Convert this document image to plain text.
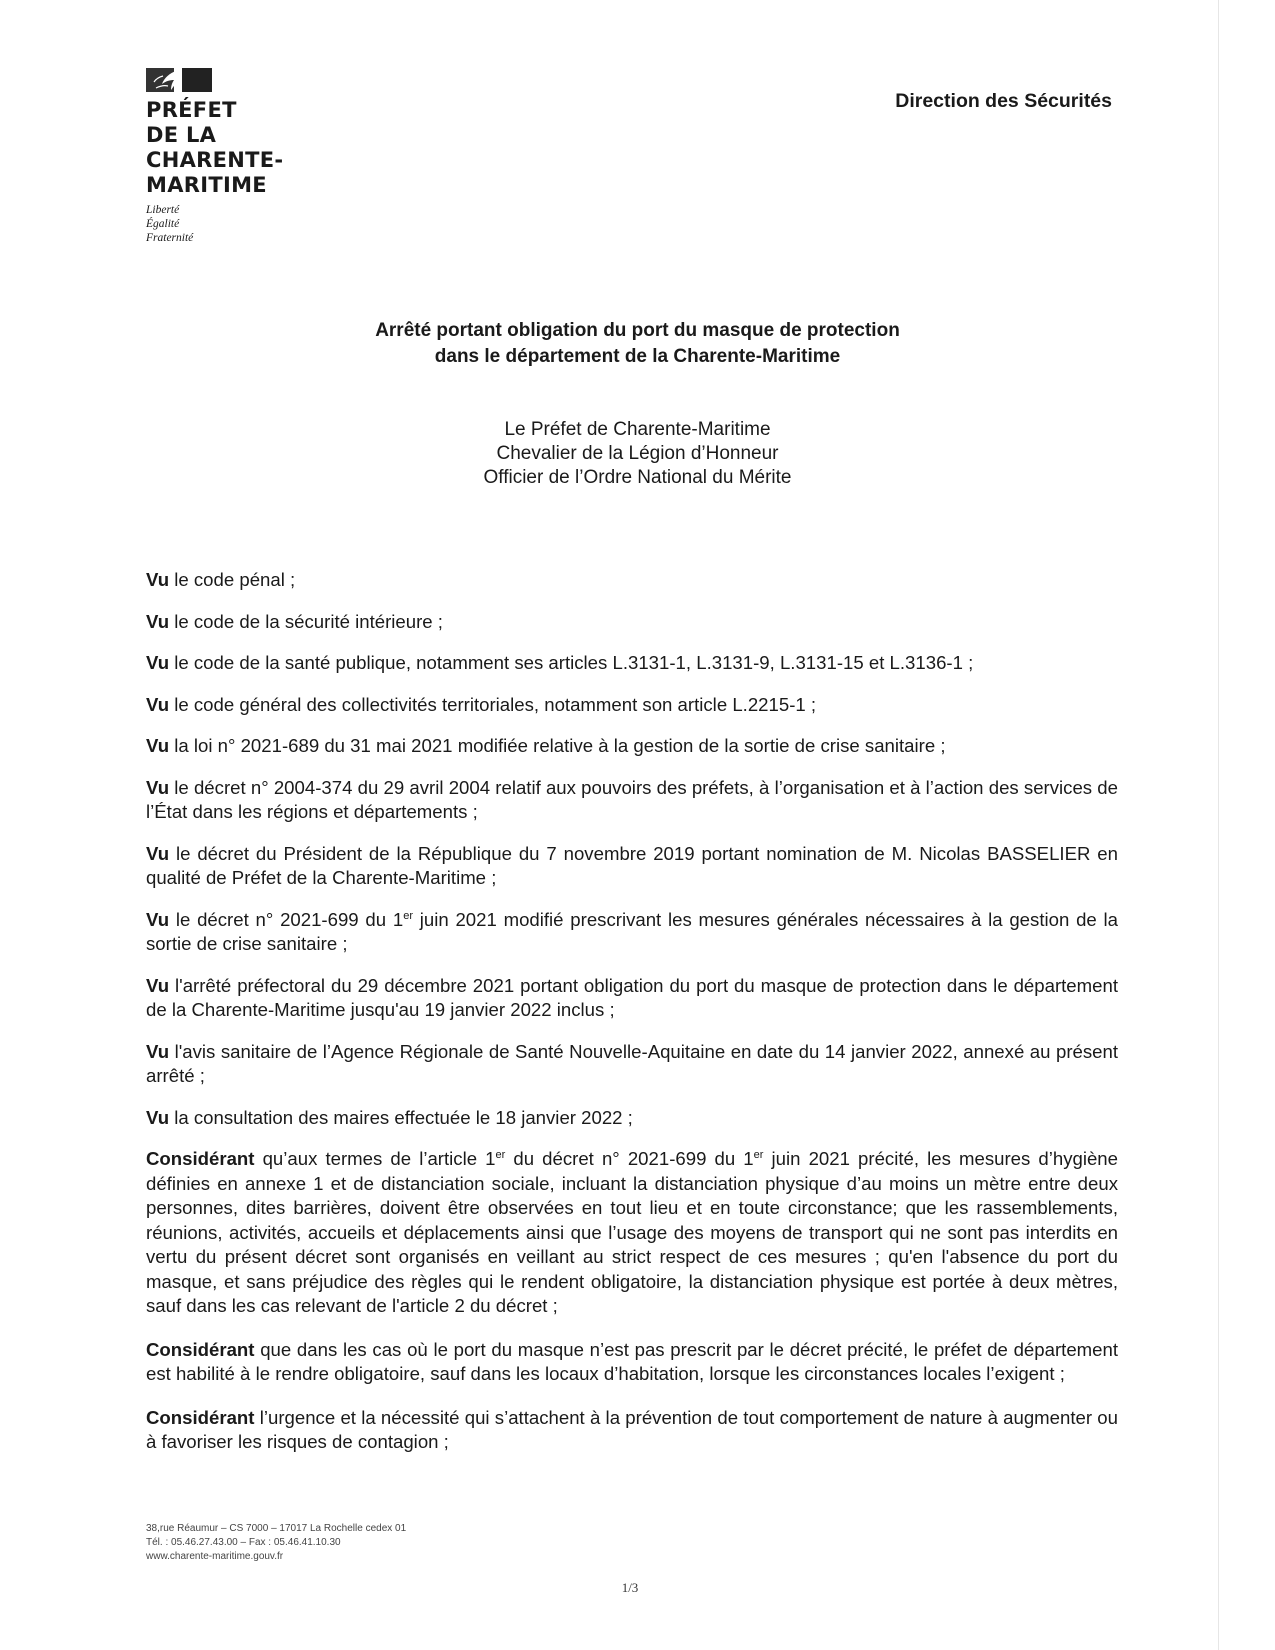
PRÉFET
DE LA
CHARENTE-
MARITIME
Liberté
Égalité
Fraternité
Direction des Sécurités
Arrêté portant obligation du port du masque de protection
dans le département de la Charente-Maritime
Le Préfet de Charente-Maritime
Chevalier de la Légion d’Honneur
Officier de l’Ordre National du Mérite

Vu le code pénal ;

Vu le code de la sécurité intérieure ;

Vu le code de la santé publique, notamment ses articles L.3131-1, L.3131-9, L.3131-15 et L.3136-1 ;

Vu le code général des collectivités territoriales, notamment son article L.2215-1 ;

Vu la loi n° 2021-689 du 31 mai 2021 modifiée relative à la gestion de la sortie de crise sanitaire ;

Vu le décret n° 2004-374 du 29 avril 2004 relatif aux pouvoirs des préfets, à l’organisation et à l’action des services de l’État dans les régions et départements ;

Vu le décret du Président de la République du 7 novembre 2019 portant nomination de M. Nicolas BASSELIER en qualité de Préfet de la Charente-Maritime ;

Vu le décret n° 2021-699 du 1er juin 2021 modifié prescrivant les mesures générales nécessaires à la gestion de la sortie de crise sanitaire ;

Vu l'arrêté préfectoral du 29 décembre 2021 portant obligation du port du masque de protection dans le département de la Charente-Maritime jusqu'au 19 janvier 2022 inclus ;

Vu l'avis sanitaire de l’Agence Régionale de Santé Nouvelle-Aquitaine en date du 14 janvier 2022, annexé au présent arrêté ;

Vu la consultation des maires effectuée le 18 janvier 2022 ;

Considérant qu’aux termes de l’article 1er du décret n° 2021-699 du 1er juin 2021 précité, les mesures d’hygiène définies en annexe 1 et de distanciation sociale, incluant la distanciation physique d’au moins un mètre entre deux personnes, dites barrières, doivent être observées en tout lieu et en toute circonstance; que les rassemblements, réunions, activités, accueils et déplacements ainsi que l’usage des moyens de transport qui ne sont pas interdits en vertu du présent décret sont organisés en veillant au strict respect de ces mesures ; qu'en l'absence du port du masque, et sans préjudice des règles qui le rendent obligatoire, la distanciation physique est portée à deux mètres, sauf dans les cas relevant de l'article 2 du décret ;

Considérant que dans les cas où le port du masque n’est pas prescrit par le décret précité, le préfet de département est habilité à le rendre obligatoire, sauf dans les locaux d’habitation, lorsque les circonstances locales l’exigent ;

Considérant l’urgence et la nécessité qui s’attachent à la prévention de tout comportement de nature à augmenter ou à favoriser les risques de contagion ;

38,rue Réaumur – CS 7000 – 17017 La Rochelle cedex 01
Tél. : 05.46.27.43.00 – Fax : 05.46.41.10.30
www.charente-maritime.gouv.fr
1/3
